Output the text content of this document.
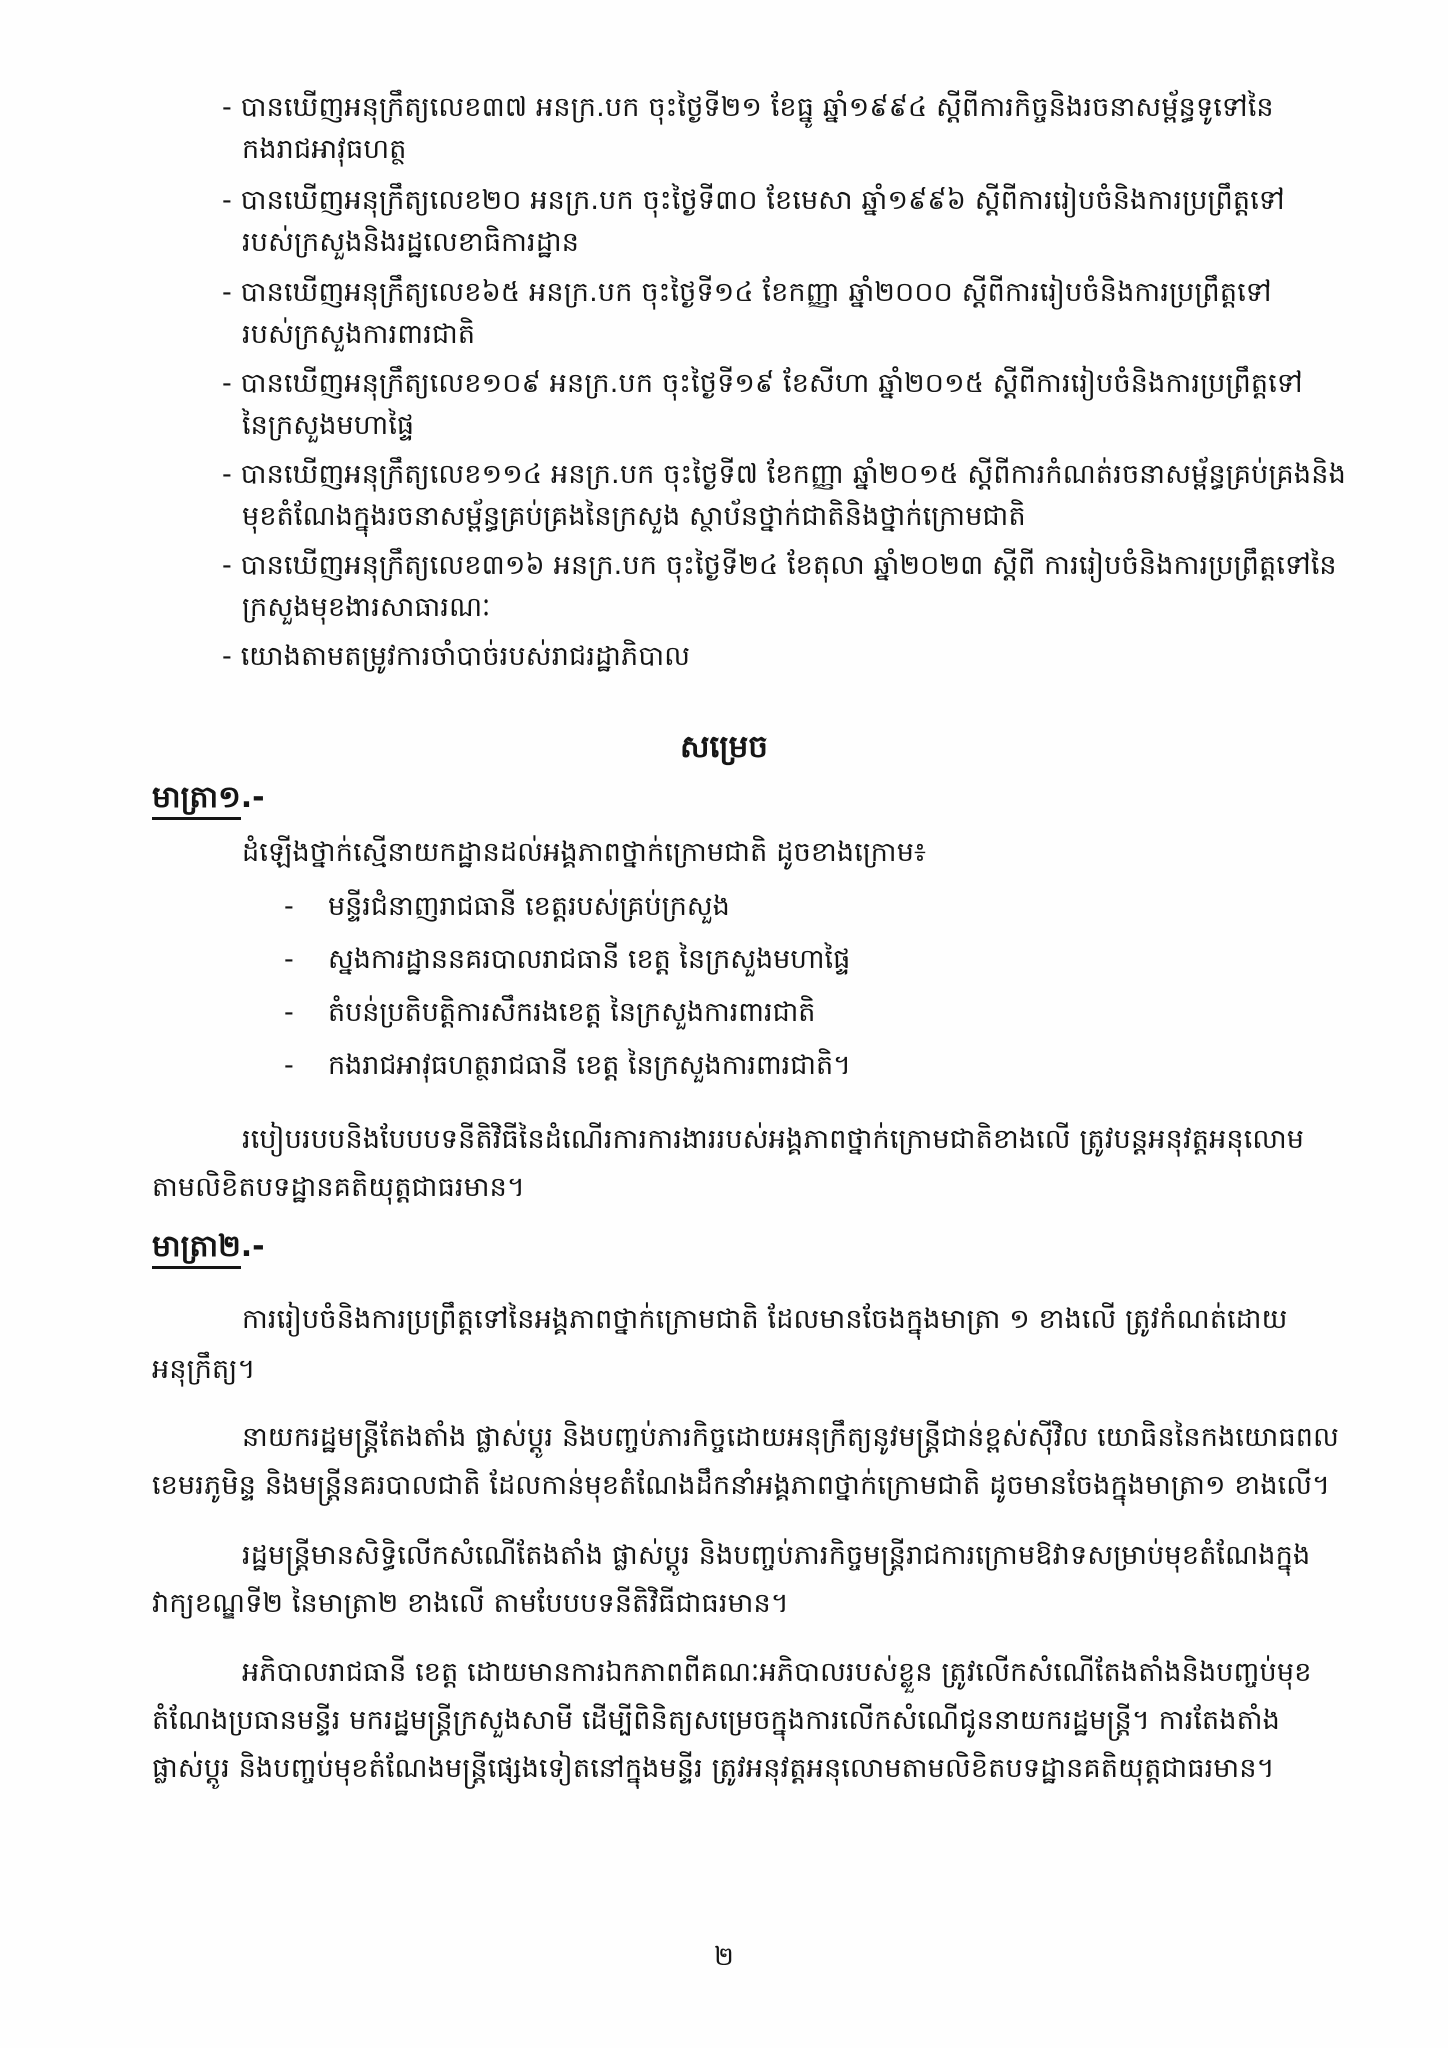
- បានឃើញអនុក្រឹត្យលេខ៣៧ អនក្រ.បក ចុះថ្ងៃទី២១ ខែធ្នូ ឆ្នាំ១៩៩៤ ស្ដីពីការកិច្ចនិងរចនាសម្ព័ន្ធទូទៅនៃ
កងរាជអាវុធហត្ថ
- បានឃើញអនុក្រឹត្យលេខ២០ អនក្រ.បក ចុះថ្ងៃទី៣០ ខែមេសា ឆ្នាំ១៩៩៦ ស្ដីពីការរៀបចំនិងការប្រព្រឹត្តទៅ
របស់ក្រសួងនិងរដ្ឋលេខាធិការដ្ឋាន
- បានឃើញអនុក្រឹត្យលេខ៦៥ អនក្រ.បក ចុះថ្ងៃទី១៤ ខែកញ្ញា ឆ្នាំ២០០០ ស្ដីពីការរៀបចំនិងការប្រព្រឹត្តទៅ
របស់ក្រសួងការពារជាតិ
- បានឃើញអនុក្រឹត្យលេខ១០៩ អនក្រ.បក ចុះថ្ងៃទី១៩ ខែសីហា ឆ្នាំ២០១៥ ស្ដីពីការរៀបចំនិងការប្រព្រឹត្តទៅ
នៃក្រសួងមហាផ្ទៃ
- បានឃើញអនុក្រឹត្យលេខ១១៤ អនក្រ.បក ចុះថ្ងៃទី៧ ខែកញ្ញា ឆ្នាំ២០១៥ ស្ដីពីការកំណត់រចនាសម្ព័ន្ធគ្រប់គ្រងនិង
មុខតំណែងក្នុងរចនាសម្ព័ន្ធគ្រប់គ្រងនៃក្រសួង ស្ថាប័នថ្នាក់ជាតិនិងថ្នាក់ក្រោមជាតិ
- បានឃើញអនុក្រឹត្យលេខ៣១៦ អនក្រ.បក ចុះថ្ងៃទី២៤ ខែតុលា ឆ្នាំ២០២៣ ស្ដីពី ការរៀបចំនិងការប្រព្រឹត្តទៅនៃ
ក្រសួងមុខងារសាធារណៈ
- យោងតាមតម្រូវការចាំបាច់របស់រាជរដ្ឋាភិបាល
សម្រេច
មាត្រា១.-
ដំឡើងថ្នាក់ស្មើនាយកដ្ឋានដល់អង្គភាពថ្នាក់ក្រោមជាតិ ដូចខាងក្រោម៖
- មន្ទីរជំនាញរាជធានី ខេត្តរបស់គ្រប់ក្រសួង
- ស្នងការដ្ឋាននគរបាលរាជធានី ខេត្ត នៃក្រសួងមហាផ្ទៃ
- តំបន់ប្រតិបត្តិការសឹករងខេត្ត នៃក្រសួងការពារជាតិ
- កងរាជអាវុធហត្ថរាជធានី ខេត្ត នៃក្រសួងការពារជាតិ។
របៀបរបបនិងបែបបទនីតិវិធីនៃដំណើរការការងាររបស់អង្គភាពថ្នាក់ក្រោមជាតិខាងលើ ត្រូវបន្តអនុវត្តអនុលោម
តាមលិខិតបទដ្ឋានគតិយុត្តជាធរមាន។
មាត្រា២.-
ការរៀបចំនិងការប្រព្រឹត្តទៅនៃអង្គភាពថ្នាក់ក្រោមជាតិ ដែលមានចែងក្នុងមាត្រា ១ ខាងលើ ត្រូវកំណត់ដោយ
អនុក្រឹត្យ។
នាយករដ្ឋមន្ត្រីតែងតាំង ផ្លាស់ប្តូរ និងបញ្ចប់ភារកិច្ចដោយអនុក្រឹត្យនូវមន្ត្រីជាន់ខ្ពស់ស៊ីវិល យោធិននៃកងយោធពល
ខេមរភូមិន្ទ និងមន្ត្រីនគរបាលជាតិ ដែលកាន់មុខតំណែងដឹកនាំអង្គភាពថ្នាក់ក្រោមជាតិ ដូចមានចែងក្នុងមាត្រា១ ខាងលើ។
រដ្ឋមន្ត្រីមានសិទ្ធិលើកសំណើតែងតាំង ផ្លាស់ប្តូរ និងបញ្ចប់ភារកិច្ចមន្ត្រីរាជការក្រោមឱវាទសម្រាប់មុខតំណែងក្នុង
វាក្យខណ្ឌទី២ នៃមាត្រា២ ខាងលើ តាមបែបបទនីតិវិធីជាធរមាន។
អភិបាលរាជធានី ខេត្ត ដោយមានការឯកភាពពីគណៈអភិបាលរបស់ខ្លួន ត្រូវលើកសំណើតែងតាំងនិងបញ្ចប់មុខ
តំណែងប្រធានមន្ទីរ មករដ្ឋមន្ត្រីក្រសួងសាមី ដើម្បីពិនិត្យសម្រេចក្នុងការលើកសំណើជូននាយករដ្ឋមន្ត្រី។ ការតែងតាំង
ផ្លាស់ប្តូរ និងបញ្ចប់មុខតំណែងមន្ត្រីផ្សេងទៀតនៅក្នុងមន្ទីរ ត្រូវអនុវត្តអនុលោមតាមលិខិតបទដ្ឋានគតិយុត្តជាធរមាន។
២
